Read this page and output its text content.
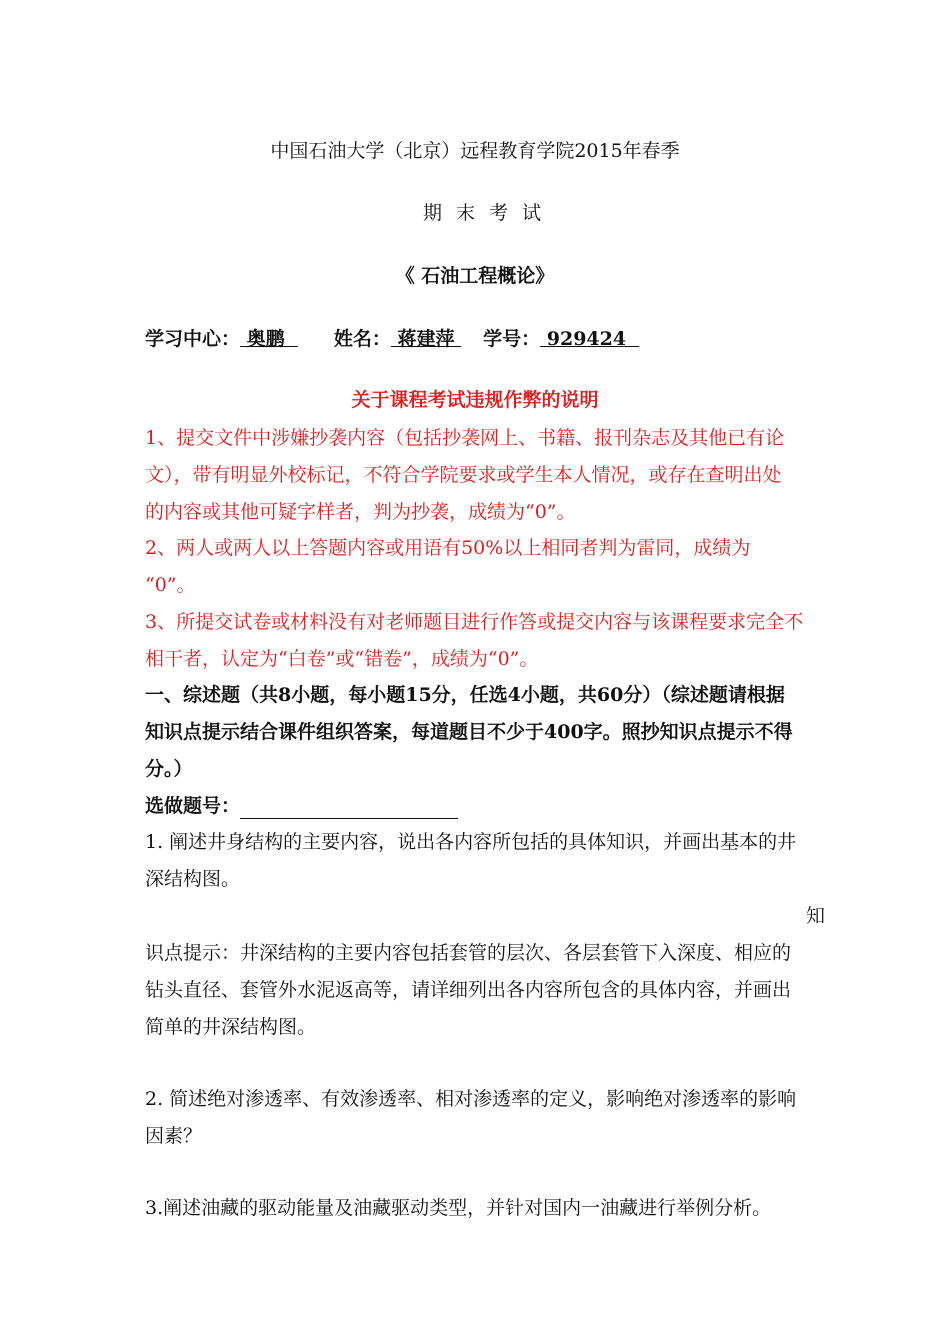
中国石油大学（北京）远程教育学院2015年春季
期末考试
《 石油工程概论》
学习中心： 奥鹏  姓名： 蒋建萍 学号： 929424
关于课程考试违规作弊的说明
1、提交文件中涉嫌抄袭内容（包括抄袭网上、书籍、报刊杂志及其他已有论
文），带有明显外校标记，不符合学院要求或学生本人情况，或存在查明出处
的内容或其他可疑字样者，判为抄袭，成绩为“0”。
2、两人或两人以上答题内容或用语有50%以上相同者判为雷同，成绩为
“0”。
3、所提交试卷或材料没有对老师题目进行作答或提交内容与该课程要求完全不
相干者，认定为“白卷”或“错卷”，成绩为“0”。
一、综述题（共8小题，每小题15分，任选4小题，共60分）（综述题请根据
知识点提示结合课件组织答案，每道题目不少于400字。照抄知识点提示不得
分。）
选做题号：
1. 阐述井身结构的主要内容，说出各内容所包括的具体知识，并画出基本的井
深结构图。
知
识点提示：井深结构的主要内容包括套管的层次、各层套管下入深度、相应的
钻头直径、套管外水泥返高等，请详细列出各内容所包含的具体内容，并画出
简单的井深结构图。
2. 简述绝对渗透率、有效渗透率、相对渗透率的定义，影响绝对渗透率的影响
因素？
3.阐述油藏的驱动能量及油藏驱动类型，并针对国内一油藏进行举例分析。
